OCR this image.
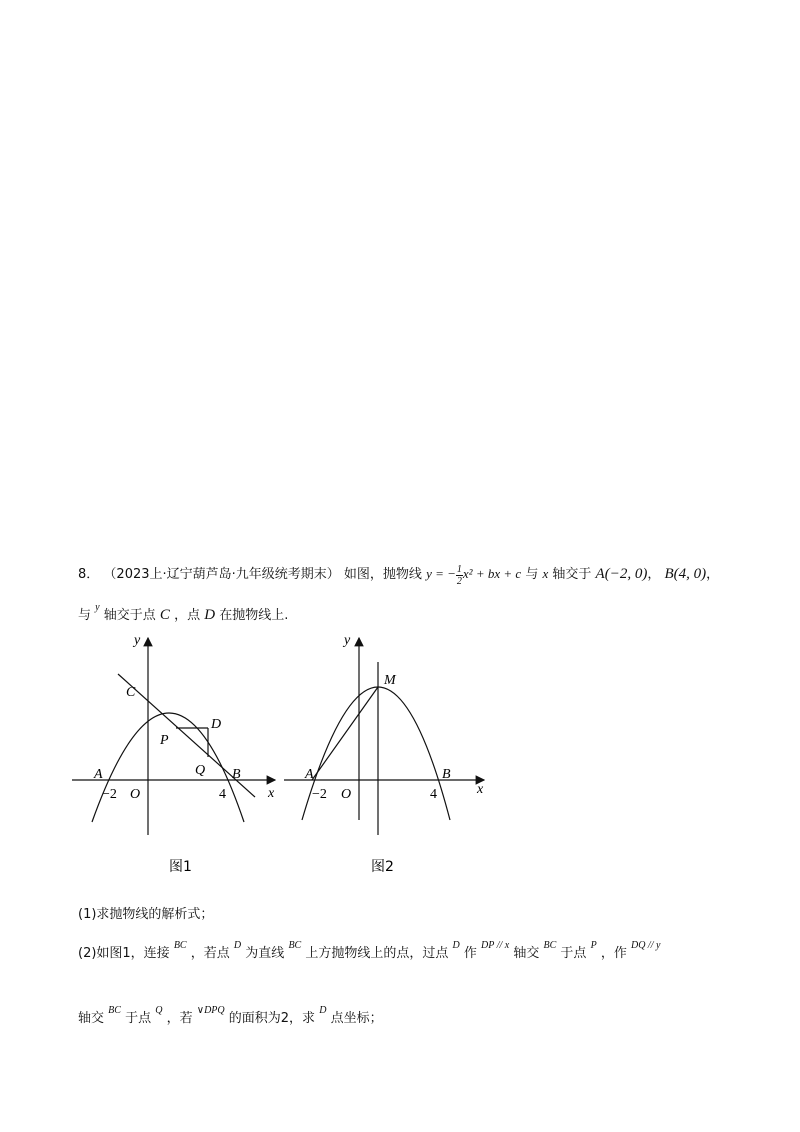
8． （2023上·辽宁葫芦岛·九年级统考期末） 如图，抛物线 y = − $\frac{1}{2} x^2$ + bx + c 与 x 轴交于 A(−2, 0)， B(4, 0)，
与 $^y$ 轴交于点 C ，点 D 在抛物线上.
y
x
C
D
P
Q
A	B
O
−2	4
图1
y
x
M
A	B
O
−2	4
图2
(1)求抛物线的解析式；
(2)如图1，连接 $^{BC}$ ，若点 $^D$ 为直线 $^{BC}$ 上方抛物线上的点，过点 $^D$ 作 $^{DP // x}$ 轴交 $^{BC}$ 于点 $^P$ ，作 $^{DQ // y}$
轴交 $^{BC}$ 于点 $^Q$ ，若 $^{\vee DPQ}$ 的面积为2，求 $^D$ 点坐标；
